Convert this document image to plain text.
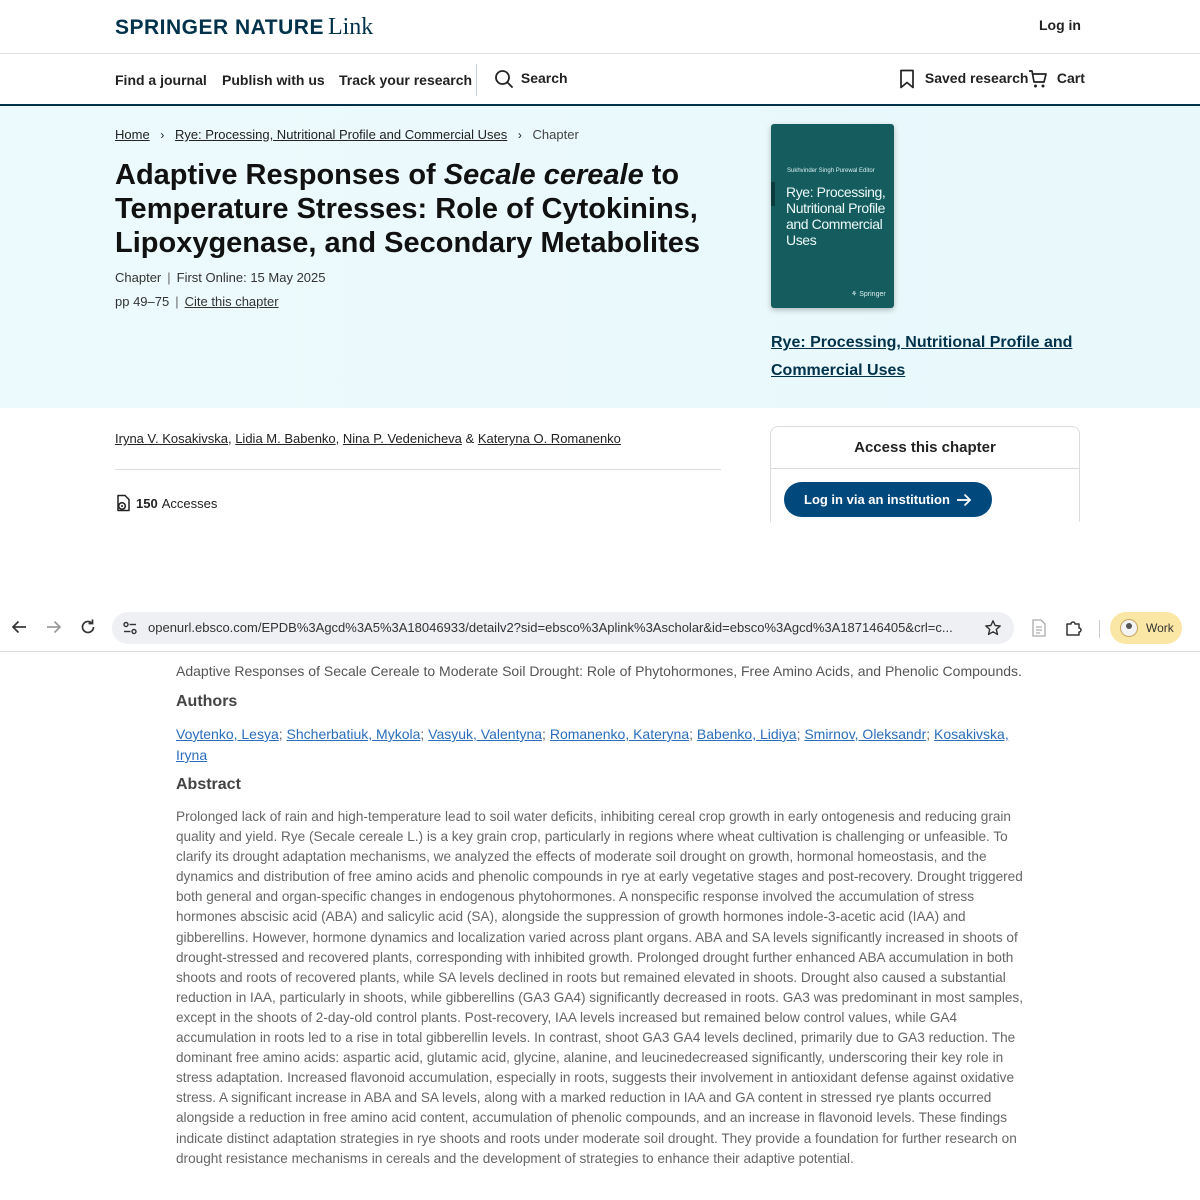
SPRINGER NATURE Link	Log in
Find a journal Publish with us Track your research	Search	Saved research	Cart
Home › Rye: Processing, Nutritional Profile and Commercial Uses › Chapter
Adaptive Responses of Secale cereale to Temperature Stresses: Role of Cytokinins, Lipoxygenase, and Secondary Metabolites
Chapter | First Online: 15 May 2025
pp 49–75 | Cite this chapter
Sukhvinder Singh Purewal Editor
Rye: Processing, Nutritional Profile and Commercial Uses
⚘ Springer
Rye: Processing, Nutritional Profile and Commercial Uses
Iryna V. Kosakivska, Lidia M. Babenko, Nina P. Vedenicheva & Kateryna O. Romanenko
150 Accesses
Access this chapter
Log in via an institution
openurl.ebsco.com/EPDB%3Agcd%3A5%3A18046933/detailv2?sid=ebsco%3Aplink%3Ascholar&id=ebsco%3Agcd%3A187146405&crl=c...	Work
Adaptive Responses of Secale Cereale to Moderate Soil Drought: Role of Phytohormones, Free Amino Acids, and Phenolic Compounds.
Authors
Voytenko, Lesya; Shcherbatiuk, Mykola; Vasyuk, Valentyna; Romanenko, Kateryna; Babenko, Lidiya; Smirnov, Oleksandr; Kosakivska, Iryna
Abstract

Prolonged lack of rain and high-temperature lead to soil water deficits, inhibiting cereal crop growth in early ontogenesis and reducing grain quality and yield. Rye (Secale cereale L.) is a key grain crop, particularly in regions where wheat cultivation is challenging or unfeasible. To clarify its drought adaptation mechanisms, we analyzed the effects of moderate soil drought on growth, hormonal homeostasis, and the dynamics and distribution of free amino acids and phenolic compounds in rye at early vegetative stages and post-recovery. Drought triggered both general and organ-specific changes in endogenous phytohormones. A nonspecific response involved the accumulation of stress hormones abscisic acid (ABA) and salicylic acid (SA), alongside the suppression of growth hormones indole-3-acetic acid (IAA) and gibberellins. However, hormone dynamics and localization varied across plant organs. ABA and SA levels significantly increased in shoots of drought-stressed and recovered plants, corresponding with inhibited growth. Prolonged drought further enhanced ABA accumulation in both shoots and roots of recovered plants, while SA levels declined in roots but remained elevated in shoots. Drought also caused a substantial reduction in IAA, particularly in shoots, while gibberellins (GA3 GA4) significantly decreased in roots. GA3 was predominant in most samples, except in the shoots of 2-day-old control plants. Post-recovery, IAA levels increased but remained below control values, while GA4 accumulation in roots led to a rise in total gibberellin levels. In contrast, shoot GA3 GA4 levels declined, primarily due to GA3 reduction. The dominant free amino acids: aspartic acid, glutamic acid, glycine, alanine, and leucinedecreased significantly, underscoring their key role in stress adaptation. Increased flavonoid accumulation, especially in roots, suggests their involvement in antioxidant defense against oxidative stress. A significant increase in ABA and SA levels, along with a marked reduction in IAA and GA content in stressed rye plants occurred alongside a reduction in free amino acid content, accumulation of phenolic compounds, and an increase in flavonoid levels. These findings indicate distinct adaptation strategies in rye shoots and roots under moderate soil drought. They provide a foundation for further research on drought resistance mechanisms in cereals and the development of strategies to enhance their adaptive potential.
